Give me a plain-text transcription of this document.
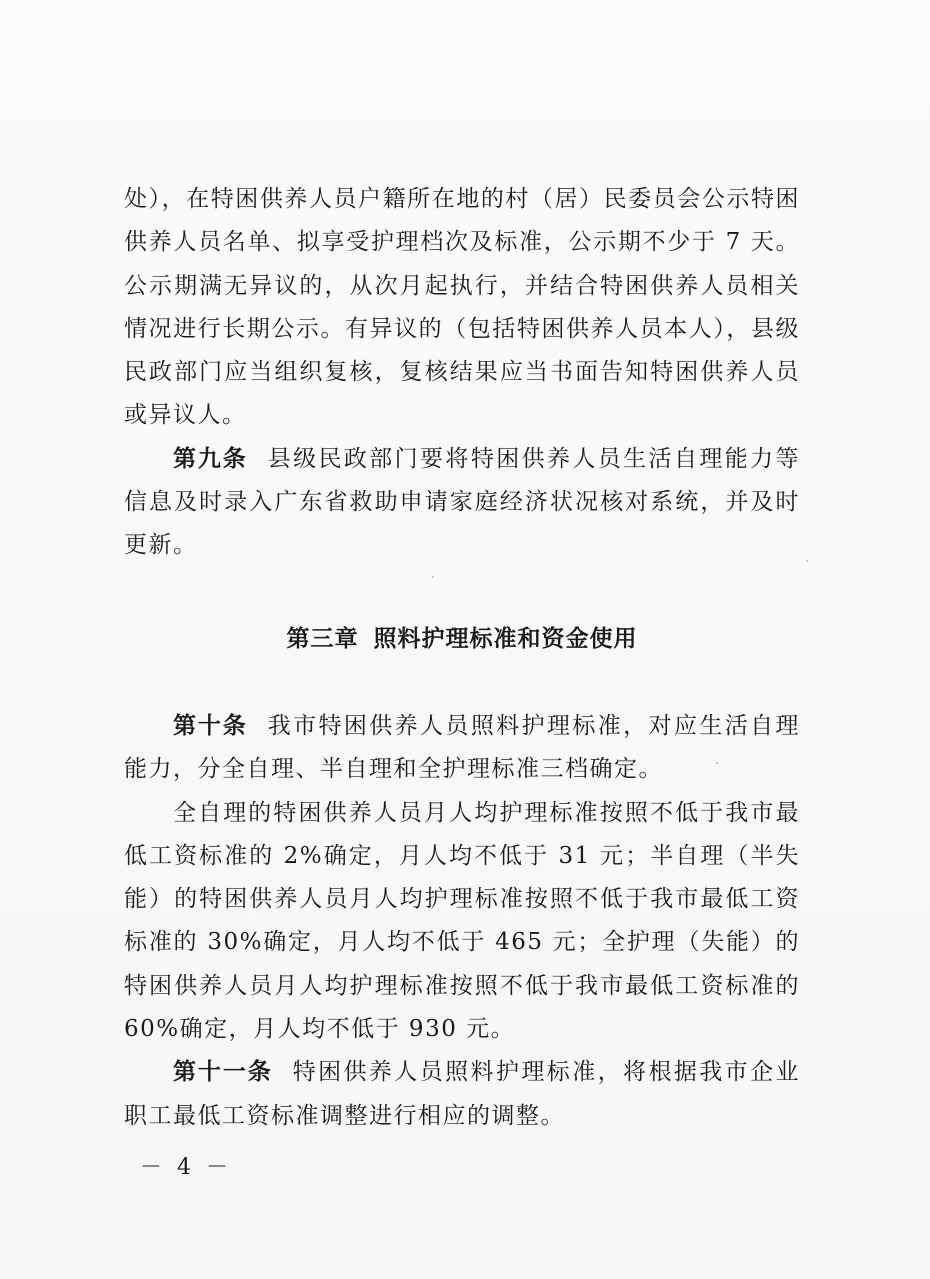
处），在特困供养人员户籍所在地的村（居）民委员会公示特困供养人员名单、拟享受护理档次及标准，公示期不少于 7 天。公示期满无异议的，从次月起执行，并结合特困供养人员相关情况进行长期公示。有异议的（包括特困供养人员本人），县级民政部门应当组织复核，复核结果应当书面告知特困供养人员或异议人。

第九条 县级民政部门要将特困供养人员生活自理能力等信息及时录入广东省救助申请家庭经济状况核对系统，并及时更新。

第三章 照料护理标准和资金使用

第十条 我市特困供养人员照料护理标准，对应生活自理能力，分全自理、半自理和全护理标准三档确定。

全自理的特困供养人员月人均护理标准按照不低于我市最低工资标准的 2%确定，月人均不低于 31 元；半自理（半失能）的特困供养人员月人均护理标准按照不低于我市最低工资标准的 30%确定，月人均不低于 465 元；全护理（失能）的特困供养人员月人均护理标准按照不低于我市最低工资标准的 60%确定，月人均不低于 930 元。

第十一条 特困供养人员照料护理标准，将根据我市企业职工最低工资标准调整进行相应的调整。

－ 4 －
